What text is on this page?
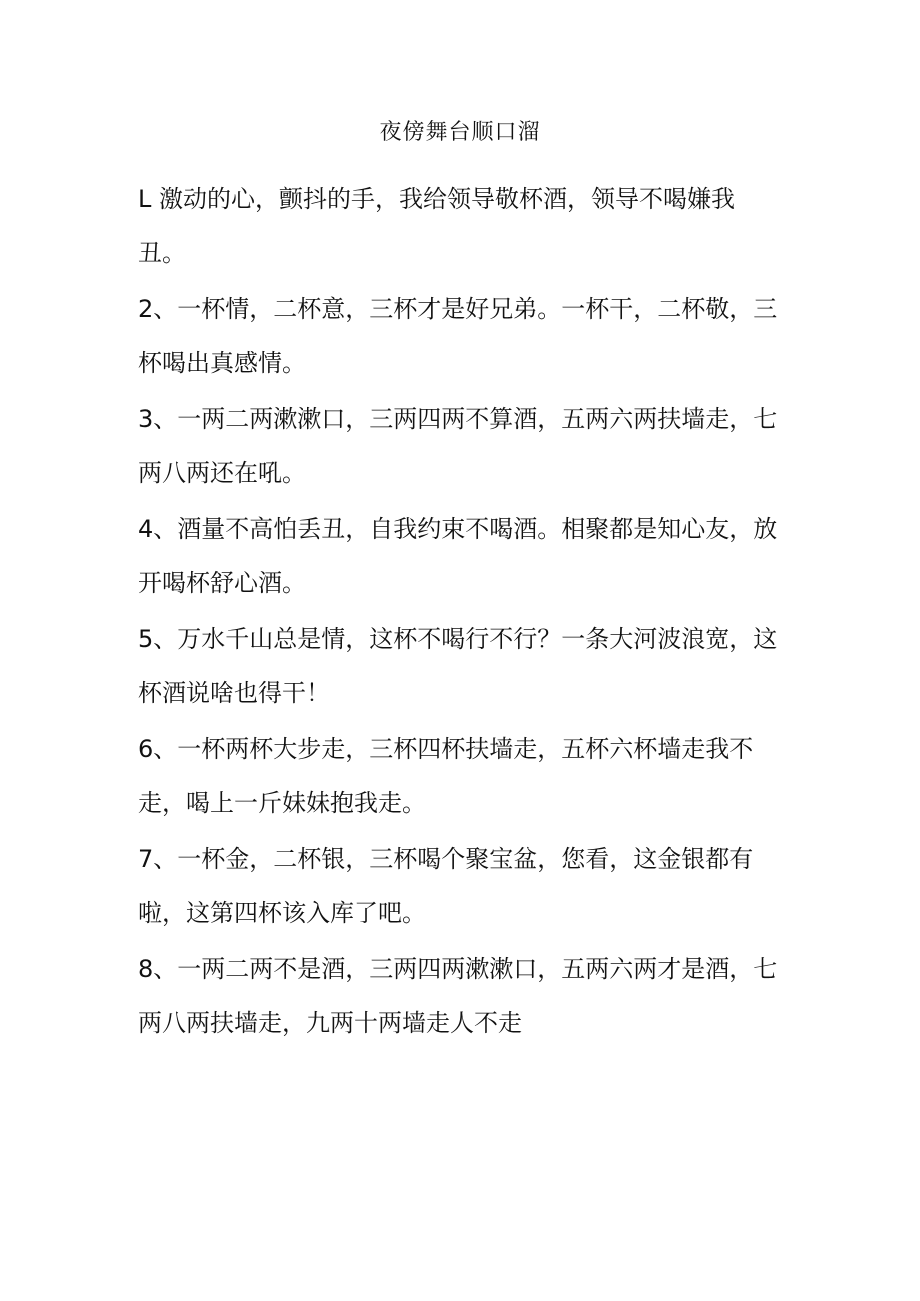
夜傍舞台顺口溜

L 激动的心，颤抖的手，我给领导敬杯酒，领导不喝嫌我丑。

2、一杯情，二杯意，三杯才是好兄弟。一杯干，二杯敬，三杯喝出真感情。

3、一两二两漱漱口，三两四两不算酒，五两六两扶墙走，七两八两还在吼。

4、酒量不高怕丢丑，自我约束不喝酒。相聚都是知心友，放开喝杯舒心酒。

5、万水千山总是情，这杯不喝行不行？一条大河波浪宽，这杯酒说啥也得干！

6、一杯两杯大步走，三杯四杯扶墙走，五杯六杯墙走我不走，喝上一斤妹妹抱我走。

7、一杯金，二杯银，三杯喝个聚宝盆，您看，这金银都有啦，这第四杯该入库了吧。

8、一两二两不是酒，三两四两漱漱口，五两六两才是酒，七两八两扶墙走，九两十两墙走人不走
